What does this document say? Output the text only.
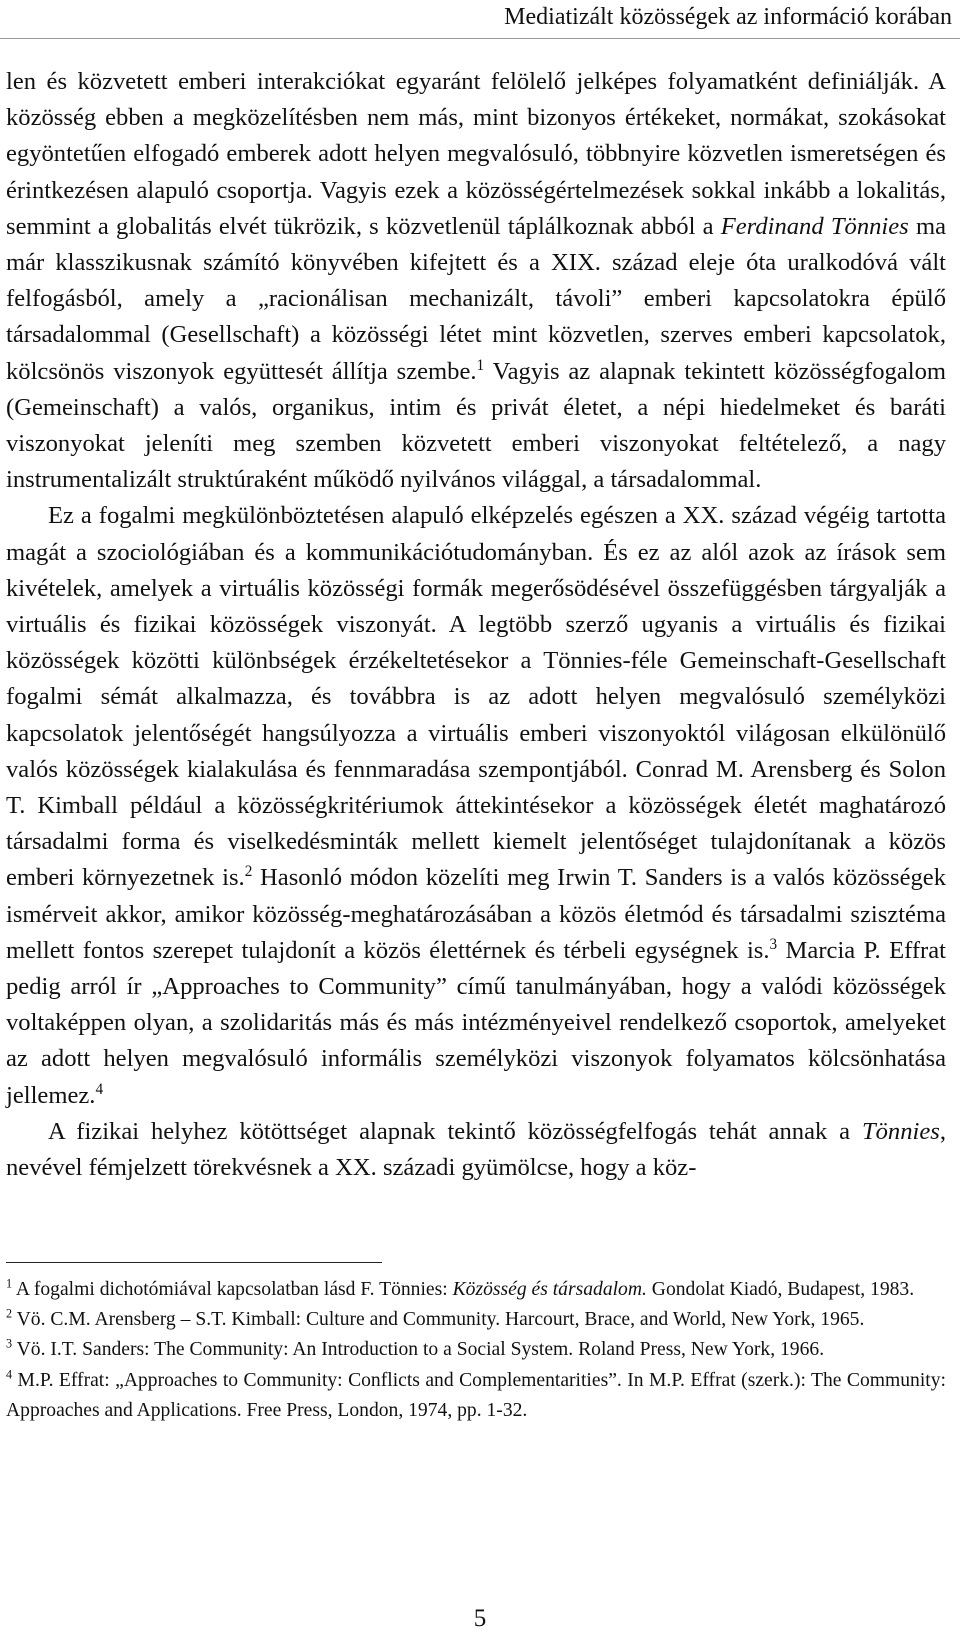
Mediatizált közösségek az információ korában

len és közvetett emberi interakciókat egyaránt felölelő jelképes folyamatként definiálják. A közösség ebben a megközelítésben nem más, mint bizonyos értékeket, normákat, szokásokat egyöntetűen elfogadó emberek adott helyen megvalósuló, többnyire közvetlen ismeretségen és érintkezésen alapuló csoportja. Vagyis ezek a közösségértelmezések sokkal inkább a lokalitás, semmint a globalitás elvét tükrözik, s közvetlenül táplálkoznak abból a Ferdinand Tönnies ma már klasszikusnak számító könyvében kifejtett és a XIX. század eleje óta uralkodóvá vált felfogásból, amely a „racionálisan mechanizált, távoli” emberi kapcsolatokra épülő társadalommal (Gesellschaft) a közösségi létet mint közvetlen, szerves emberi kapcsolatok, kölcsönös viszonyok együttesét állítja szembe.$^1$ Vagyis az alapnak tekintett közösségfogalom (Gemeinschaft) a valós, organikus, intim és privát életet, a népi hiedelmeket és baráti viszonyokat jeleníti meg szemben közvetett emberi viszonyokat feltételező, a nagy instrumentalizált struktúraként működő nyilvános világgal, a társadalommal.

Ez a fogalmi megkülönböztetésen alapuló elképzelés egészen a XX. század végéig tartotta magát a szociológiában és a kommunikációtudományban. És ez az alól azok az írások sem kivételek, amelyek a virtuális közösségi formák megerősödésével összefüggésben tárgyalják a virtuális és fizikai közösségek viszonyát. A legtöbb szerző ugyanis a virtuális és fizikai közösségek közötti különbségek érzékeltetésekor a Tönnies-féle Gemeinschaft-Gesellschaft fogalmi sémát alkalmazza, és továbbra is az adott helyen megvalósuló személyközi kapcsolatok jelentőségét hangsúlyozza a virtuális emberi viszonyoktól világosan elkülönülő valós közösségek kialakulása és fennmaradása szempontjából. Conrad M. Arensberg és Solon T. Kimball például a közösségkritériumok áttekintésekor a közösségek életét maghatározó társadalmi forma és viselkedésminták mellett kiemelt jelentőséget tulajdonítanak a közös emberi környezetnek is.$^2$ Hasonló módon közelíti meg Irwin T. Sanders is a valós közösségek ismérveit akkor, amikor közösség-meghatározásában a közös életmód és társadalmi szisztéma mellett fontos szerepet tulajdonít a közös élettérnek és térbeli egységnek is.$^3$ Marcia P. Effrat pedig arról ír „Approaches to Community” című tanulmányában, hogy a valódi közösségek voltaképpen olyan, a szolidaritás más és más intézményeivel rendelkező csoportok, amelyeket az adott helyen megvalósuló informális személyközi viszonyok folyamatos kölcsönhatása jellemez.$^4$

A fizikai helyhez kötöttséget alapnak tekintő közösségfelfogás tehát annak a Tönnies, nevével fémjelzett törekvésnek a XX. századi gyümölcse, hogy a köz-

$^1$ A fogalmi dichotómiával kapcsolatban lásd F. Tönnies: Közösség és társadalom. Gondolat Kiadó, Budapest, 1983.

$^2$ Vö. C.M. Arensberg – S.T. Kimball: Culture and Community. Harcourt, Brace, and World, New York, 1965.

$^3$ Vö. I.T. Sanders: The Community: An Introduction to a Social System. Roland Press, New York, 1966.

$^4$ M.P. Effrat: „Approaches to Community: Conflicts and Complementarities”. In M.P. Effrat (szerk.): The Community: Approaches and Applications. Free Press, London, 1974, pp. 1-32.

5
